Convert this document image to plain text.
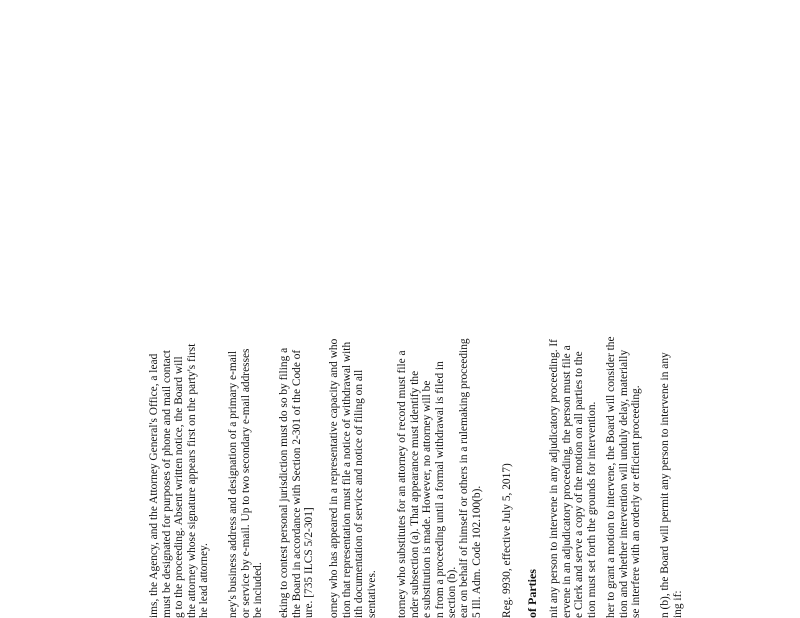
ims, the Agency, and the Attorney General's Office, a lead must be designated for purposes of phone and mail contact g to the proceeding. Absent written notice, the Board will the attorney whose signature appears first on the party's first he lead attorney. ney's business address and designation of a primary e-mail or service by e-mail. Up to two secondary e-mail addresses be included. eking to contest personal jurisdiction must do so by filing a the Board in accordance with Section 2-301 of the Code of ure. [735 ILCS 5/2-301] orney who has appeared in a representative capacity and who tion that representation must file a notice of withdrawal with ith documentation of service and notice of filing on all sentatives. torney who substitutes for an attorney of record must file a nder subsection (a). That appearance must identify the e substitution is made. However, no attorney will be n from a proceeding until a formal withdrawal is filed in section (b). ear on behalf of himself or others in a rulemaking proceeding 5 Ill. Adm. Code 102.100(b). Reg. 9930, effective July 5, 2017) of Parties nit any person to intervene in any adjudicatory proceeding. If ervene in an adjudicatory proceeding, the person must file a e Clerk and serve a copy of the motion on all parties to the tion must set forth the grounds for intervention. her to grant a motion to intervene, the Board will consider the tion and whether intervention will unduly delay, materially se interfere with an orderly or efficient proceeding. n (b), the Board will permit any person to intervene in any ing if:
